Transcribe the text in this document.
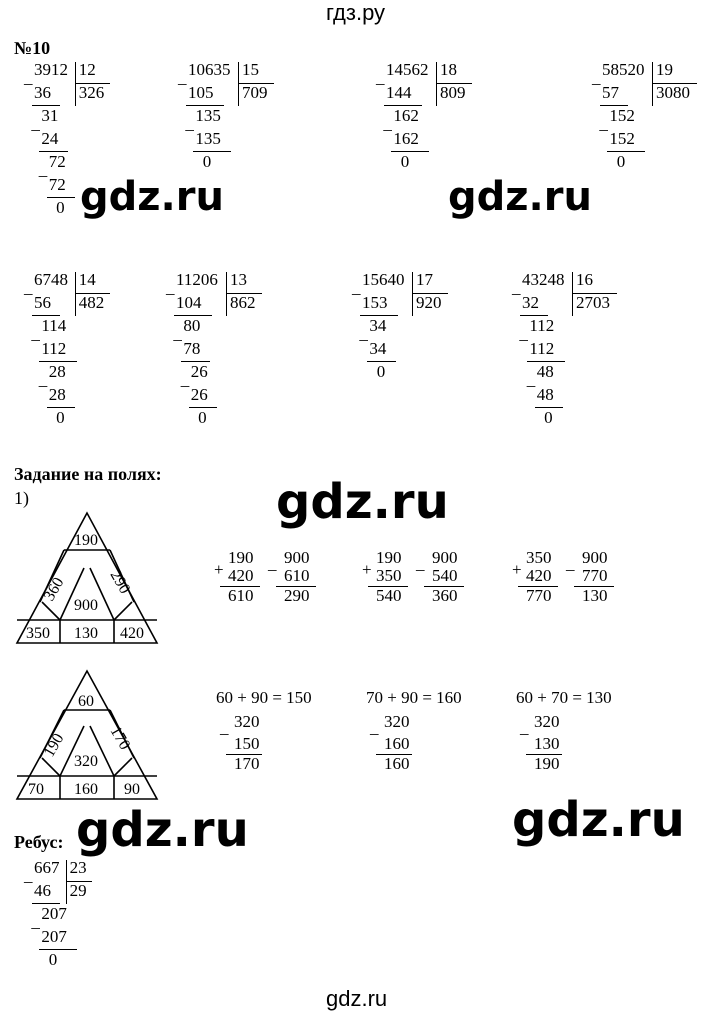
гдз.ру
№10
3912 12
326
_
36
31
_
24
72
_
72
0
10635 15
709
_
105
135
_
135
0
14562 18
809
_
144
162
_
162
0
58520 19
3080
_
57
152
_
152
0
6748 14
482
_
56
114
_
112
28
_
28
0
11206 13
862
_
104
80
_
78
26
_
26
0
15640 17
920
_
153
34
_
34
0
43248 16
2703
_
32
112
_
112
48
_
48
0
gdz.ru	gdz.ru
gdz.ru
gdz.ru	gdz.ru
Задание на полях:
1)
190
360 290
900
350 130 420
60
190 170
320
70 160 90
+
190
420
610
_ 900
610
290
+
190
350
540
_ 900
540
360
+
350
420
770
_ 900
770
130
60 + 90 = 150
_ 320
150
170
70 + 90 = 160
_ 320
160
160
60 + 70 = 130
_ 320
130
190
Ребус:
667 23
29
_
46
207
_
207
0
gdz.ru
